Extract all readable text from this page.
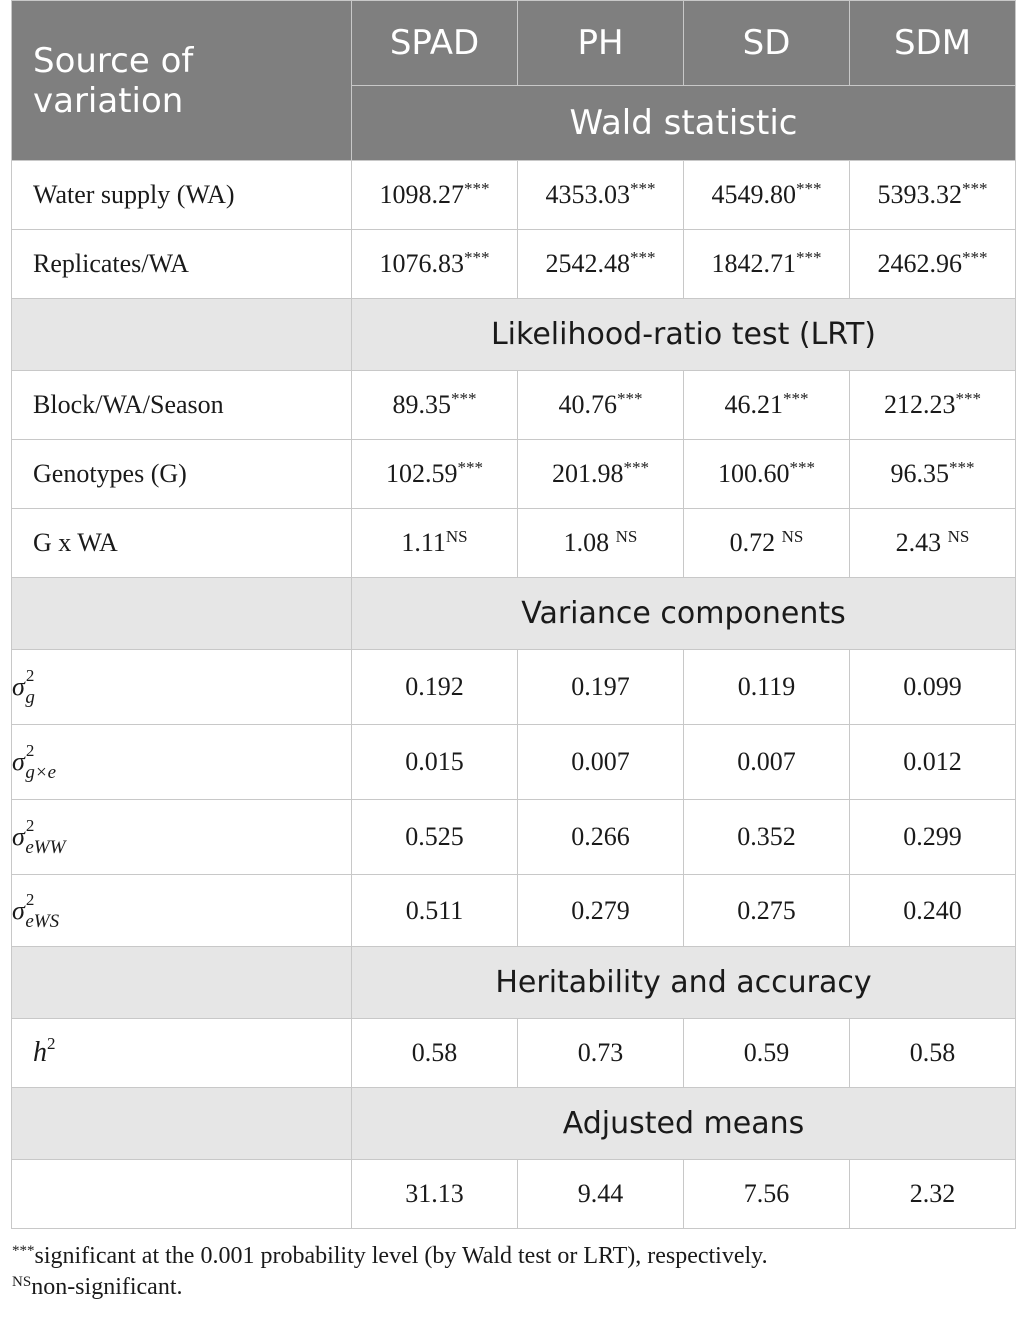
Source of variation	SPAD	PH	SD	SDM
	Wald statistic			
Water supply (WA)	1098.27***	4353.03***	4549.80***	5393.32***
Replicates/WA	1076.83***	2542.48***	1842.71***	2462.96***
	Likelihood-ratio test (LRT)			
Block/WA/Season	89.35***	40.76***	46.21***	212.23***
Genotypes (G)	102.59***	201.98***	100.60***	96.35***
G x WA	$1.11^{NS}$	1.08 $^{NS}$	0.72 $^{NS}$	2.43 $^{NS}$
	Variance components			
$\sigma^2_g$	0.192	0.197	0.119	0.099
$\sigma^2_{g\times e}$	0.015	0.007	0.007	0.012
$\sigma^2_{eWW}$	0.525	0.266	0.352	0.299
$\sigma^2_{eWS}$	0.511	0.279	0.275	0.240
	Heritability and accuracy			
$h^2$	0.58	0.73	0.59	0.58
	Adjusted means			
	31.13	9.44	7.56	2.32
***significant at the 0.001 probability level (by Wald test or LRT), respectively.
$^{NS}$non-significant.
